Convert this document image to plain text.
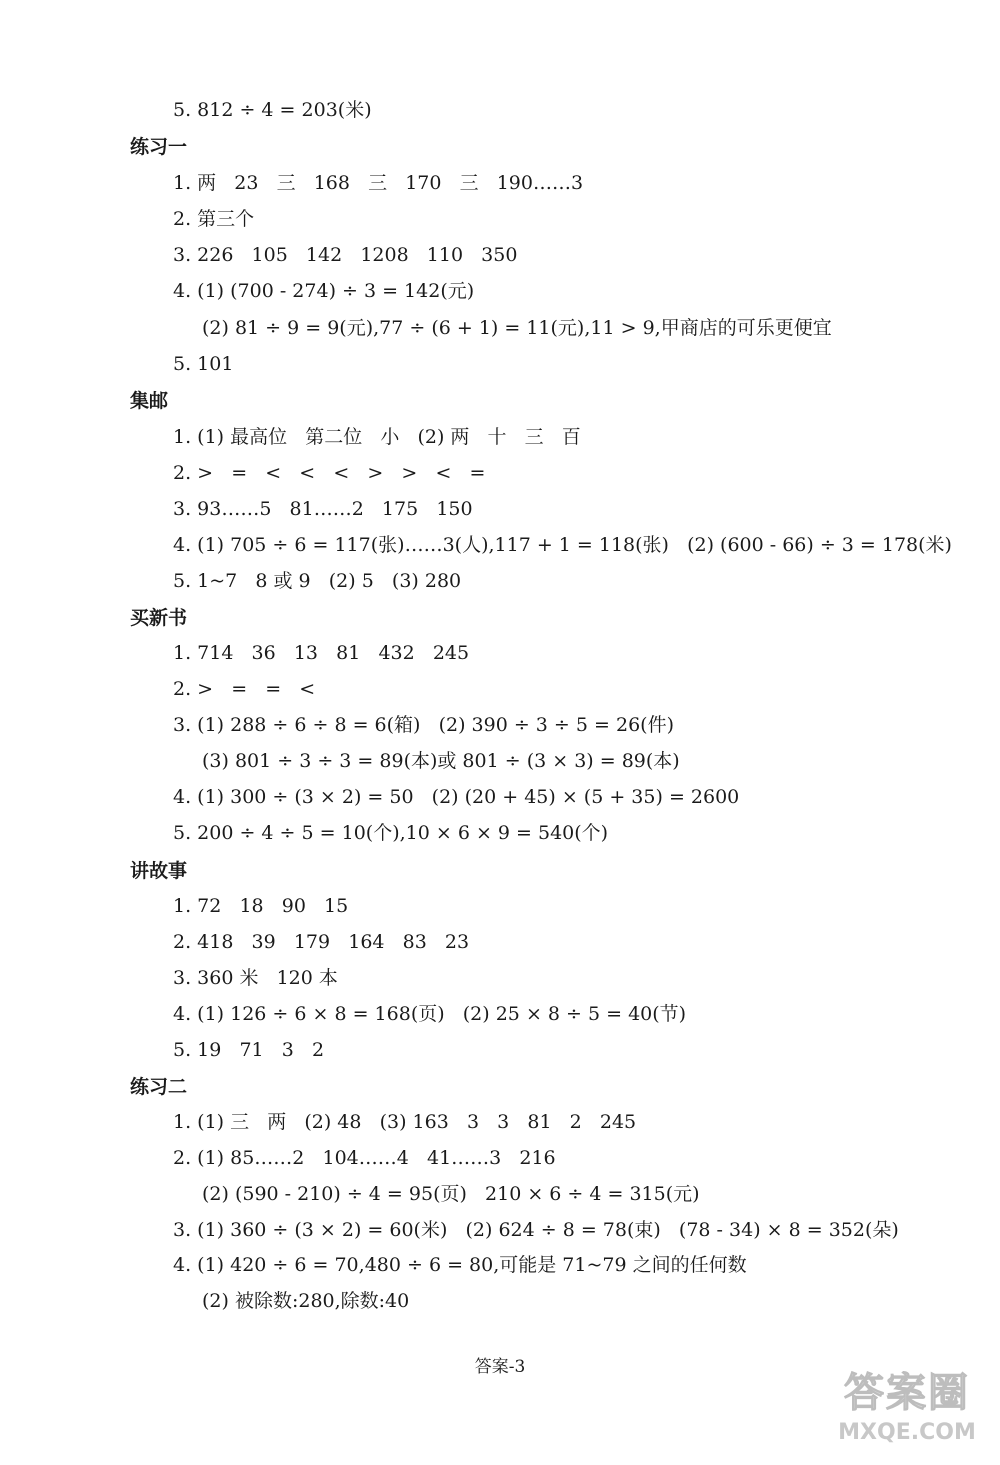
5. 812 ÷ 4 = 203(米)
练习一
1. 两   23   三   168   三   170   三   190……3
2. 第三个
3. 226   105   142   1208   110   350
4. (1) (700 - 274) ÷ 3 = 142(元)
(2) 81 ÷ 9 = 9(元),77 ÷ (6 + 1) = 11(元),11 > 9,甲商店的可乐更便宜
5. 101
集邮
1. (1) 最高位   第二位   小   (2) 两   十   三   百
2. >   =   <   <   <   >   >   <   =
3. 93……5   81……2   175   150
4. (1) 705 ÷ 6 = 117(张)……3(人),117 + 1 = 118(张)   (2) (600 - 66) ÷ 3 = 178(米)
5. 1~7   8 或 9   (2) 5   (3) 280
买新书
1. 714   36   13   81   432   245
2. >   =   =   <
3. (1) 288 ÷ 6 ÷ 8 = 6(箱)   (2) 390 ÷ 3 ÷ 5 = 26(件)
(3) 801 ÷ 3 ÷ 3 = 89(本)或 801 ÷ (3 × 3) = 89(本)
4. (1) 300 ÷ (3 × 2) = 50   (2) (20 + 45) × (5 + 35) = 2600
5. 200 ÷ 4 ÷ 5 = 10(个),10 × 6 × 9 = 540(个)
讲故事
1. 72   18   90   15
2. 418   39   179   164   83   23
3. 360 米   120 本
4. (1) 126 ÷ 6 × 8 = 168(页)   (2) 25 × 8 ÷ 5 = 40(节)
5. 19   71   3   2
练习二
1. (1) 三   两   (2) 48   (3) 163   3   3   81   2   245
2. (1) 85……2   104……4   41……3   216
(2) (590 - 210) ÷ 4 = 95(页)   210 × 6 ÷ 4 = 315(元)
3. (1) 360 ÷ (3 × 2) = 60(米)   (2) 624 ÷ 8 = 78(束)   (78 - 34) × 8 = 352(朵)
4. (1) 420 ÷ 6 = 70,480 ÷ 6 = 80,可能是 71~79 之间的任何数
(2) 被除数:280,除数:40
答案-3
答案圈
MXQE.COM
